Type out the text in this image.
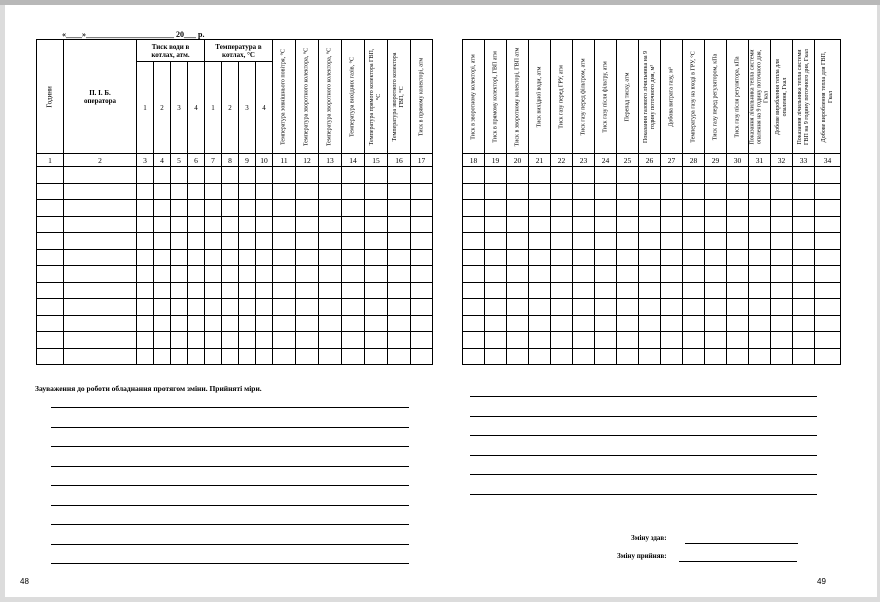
«____»______________________ 20___ р.
Години	П. І. Б. оператора	Тиск води в котлах, атм.				Температура в котлах, °С				Температура зовнішнього повітря, °С	Температура зворотного колектора, °С	Температура зворотного колектора, °С	Температура вихідних газів, °С	Температура прямого колектора ГВП, °С	Температура зворотного колектора ГВП, °С	Тиск в прямому колекторі, атм

		1	2	3	4	1	2	3	4							
1	2	3	4	5	6	7	8	9	10	11	12	13	14	15	16	17

Зауваження до роботи обладнання протягом зміни. Прийняті міри.
48
Тиск в зворотному колекторі, атм	Тиск в прямому колекторі, ГВП атм	Тиск в зворотному колекторі, ГВП атм	Тиск вихідної води, атм	Тиск газу перед ГРУ, атм	Тиск газу перед фільтром, атм	Тиск газу після фільтру, атм	Перепад тиску, атм	Показання газового лічильника на 9 годину поточного дня, м³	Добова витрата газу, м³	Температура газу на вході в ГРУ, °С	Тиск газу перед регулятором, кПа	Тиск газу після регулятора, кПа	Показання лічильника тепла системи опалення на 9 годину поточного дня, Гкал	Добове вироблення тепла для опалення, Гкал	Показання лічильника тепла системи ГВП на 9 годину поточного дня, Гкал	Добове вироблення тепла для ГВП, Гкал

18	19	20	21	22	23	24	25	26	27	28	29	30	31	32	33	34

Зміну здав:
Зміну прийняв:
49
